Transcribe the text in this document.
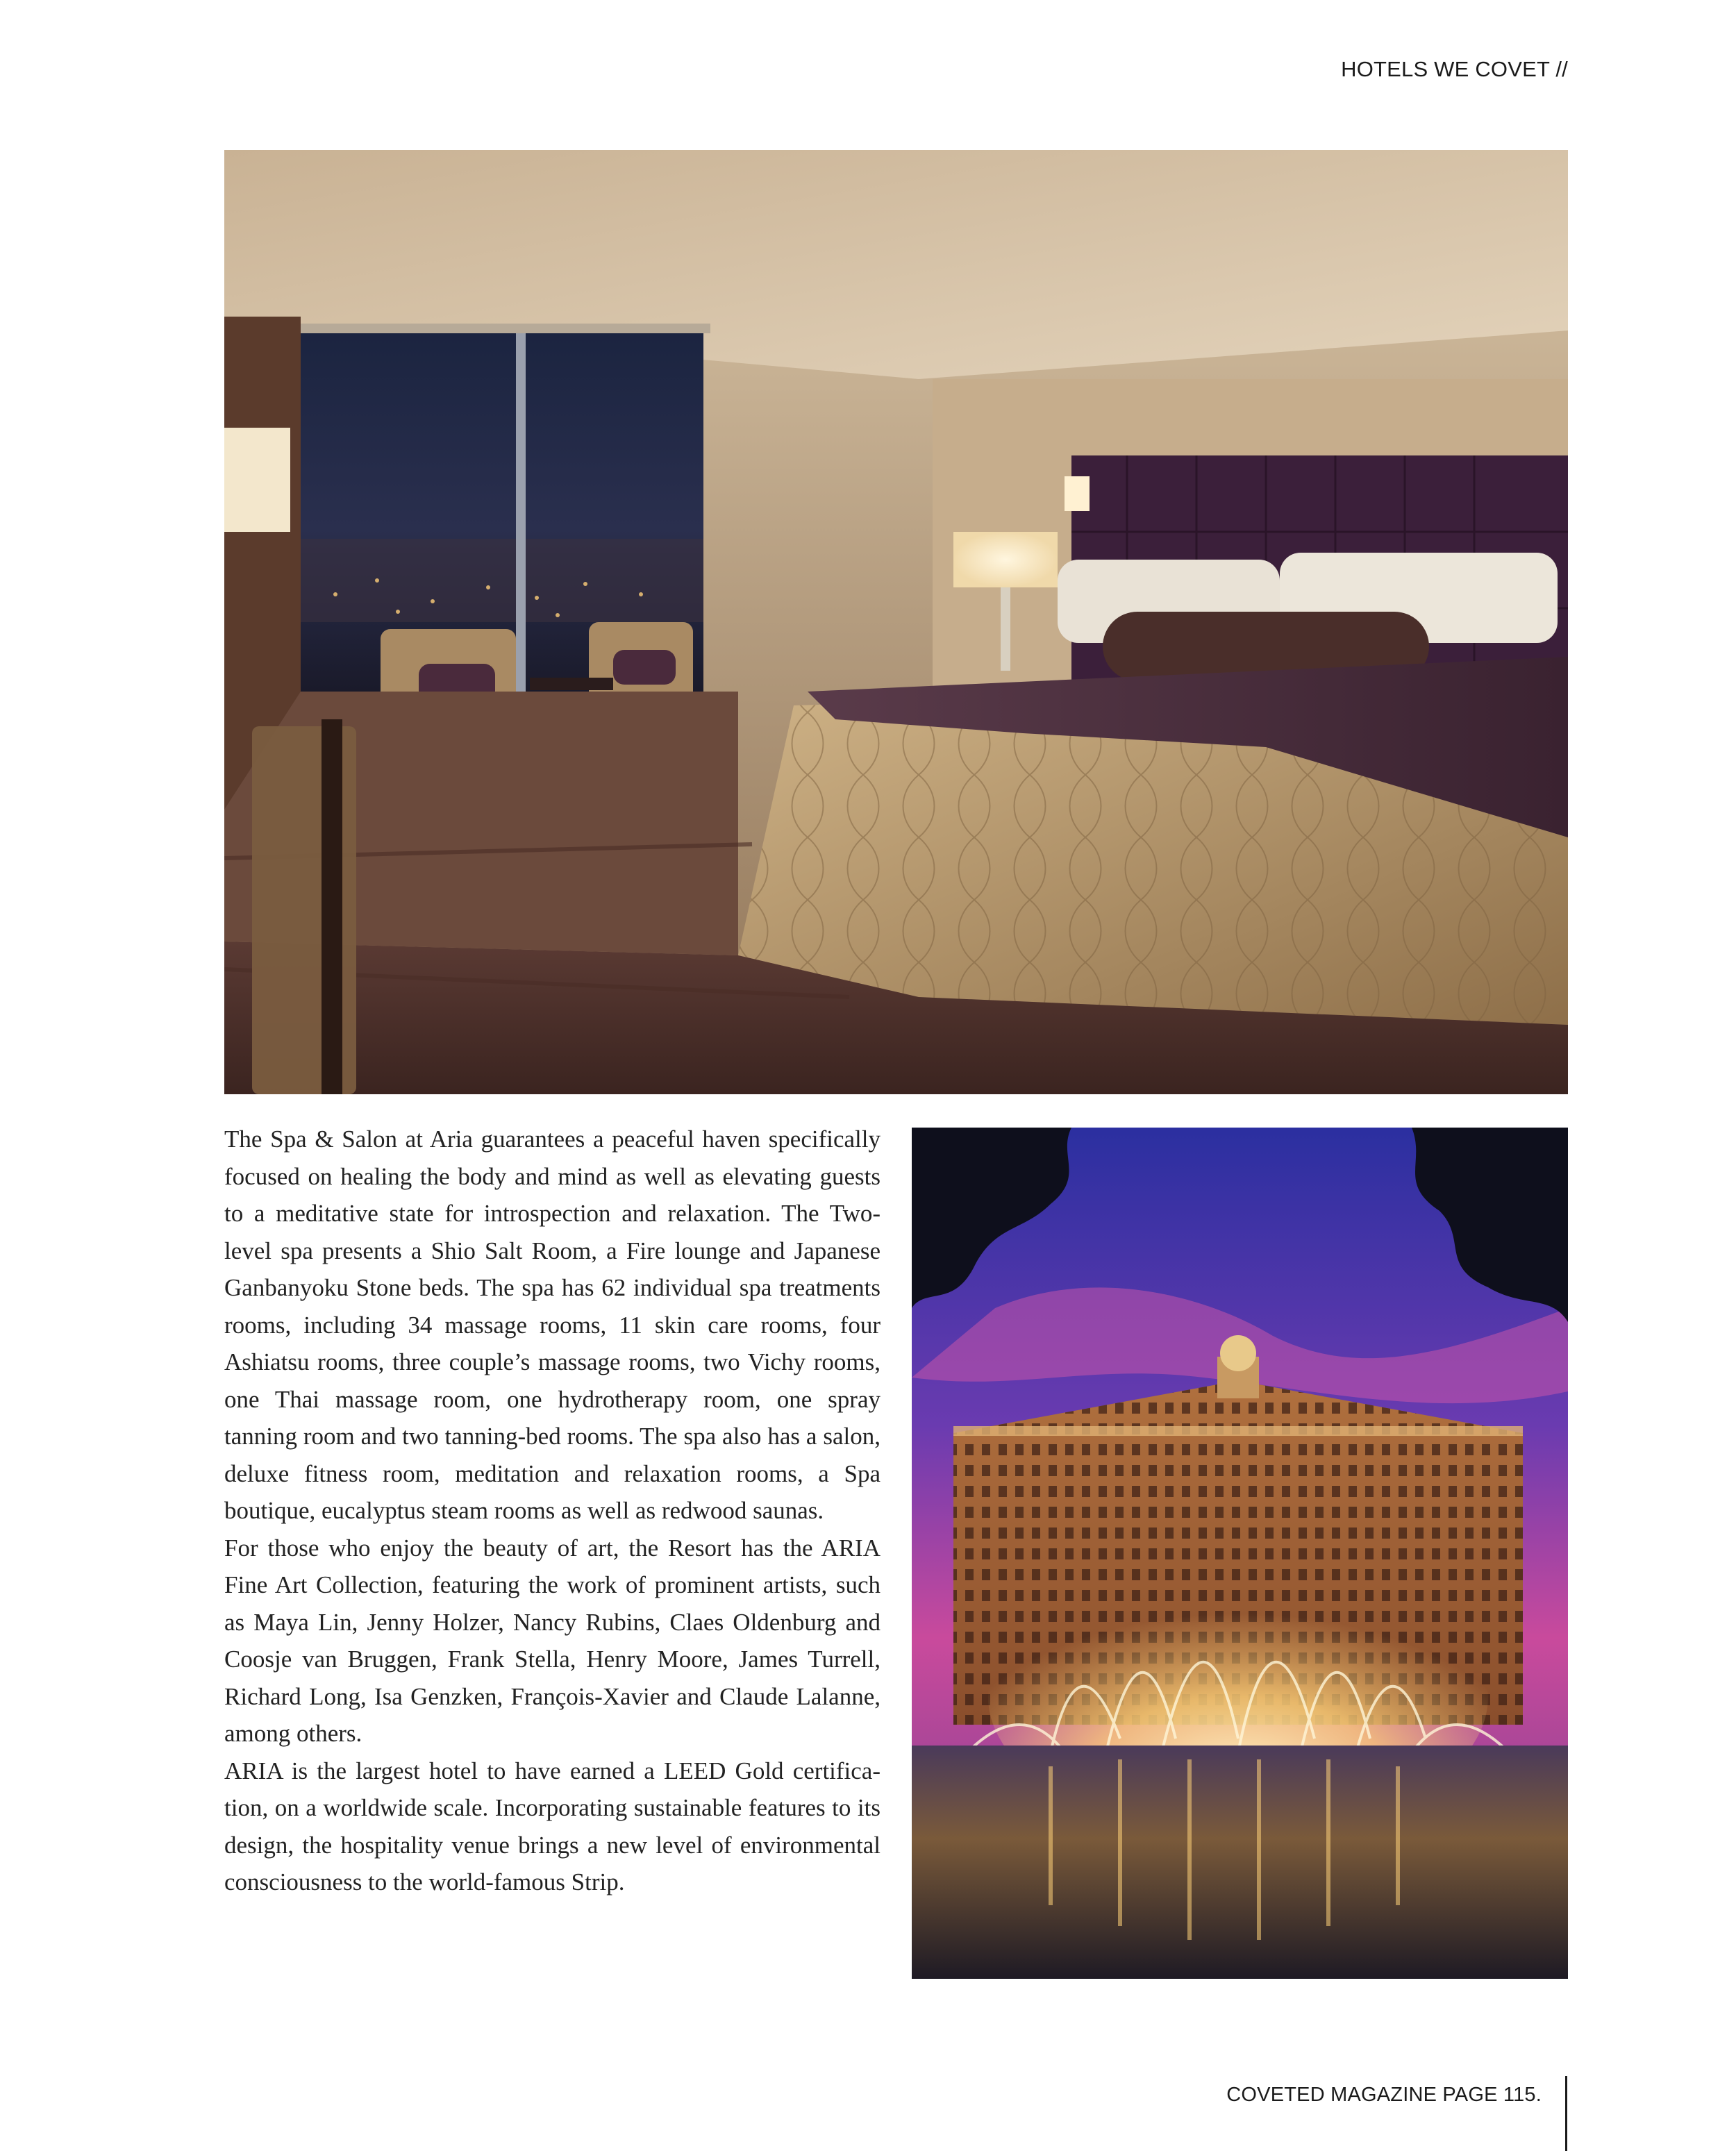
HOTELS WE COVET //

The Spa & Salon at Aria guarantees a peaceful haven specifically focused on healing the body and mind as well as elevating guests to a meditative state for introspection and relaxation. The Two-level spa presents a Shio Salt Room, a Fire lounge and Japanese Ganbanyoku Stone beds. The spa has 62 individual spa treatments rooms, including 34 massage rooms, 11 skin care rooms, four Ashiatsu rooms, three couple’s massage rooms, two Vichy rooms, one Thai massage room, one hydrotherapy room, one spray tanning room and two tanning-bed rooms. The spa also has a salon, deluxe fitness room, meditation and relaxation rooms, a Spa boutique, eucalyptus steam rooms as well as redwood saunas.

For those who enjoy the beauty of art, the Resort has the ARIA Fine Art Collection, featuring the work of prominent artists, such as Maya Lin, Jenny Holzer, Nancy Rubins, Claes Oldenburg and Coosje van Bruggen, Frank Stella, Henry Moore, James Turrell, Richard Long, Isa Genzken, François-Xavier and Claude Lalanne, among others.

ARIA is the largest hotel to have earned a LEED Gold certification, on a worldwide scale. Incorporating sustainable features to its design, the hospitality venue brings a new level of environmental consciousness to the world-famous Strip.

COVETED MAGAZINE PAGE 115.
